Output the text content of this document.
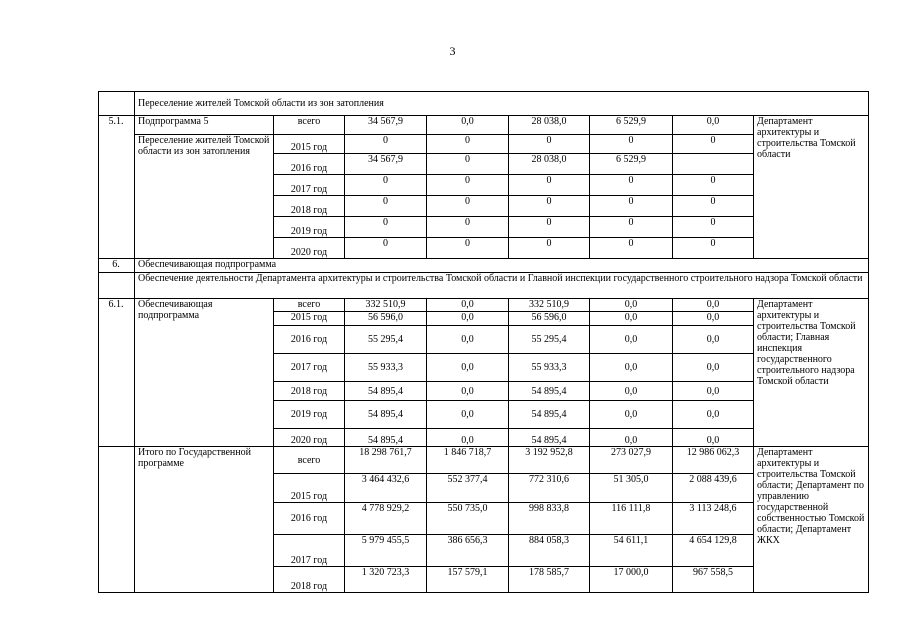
3
	Переселение жителей Томской области из зон затопления							
5.1.	Подпрограмма 5	всего	34 567,9	0,0	28 038,0	6 529,9	0,0	Департамент архитектуры и строительства Томской области
	Переселение жителей Томской области из зон затопления	2015 год	0	0	0	0	0	
		2016 год	34 567,9	0	28 038,0	6 529,9		
		2017 год	0	0	0	0	0	
		2018 год	0	0	0	0	0	
		2019 год	0	0	0	0	0	
		2020 год	0	0	0	0	0	
6.	Обеспечивающая подпрограмма							
	Обеспечение деятельности Департамента архитектуры и строительства Томской области и Главной инспекции государственного строительного надзора Томской области							
6.1.	Обеспечивающая подпрограмма	всего	332 510,9	0,0	332 510,9	0,0	0,0	Департамент архитектуры и строительства Томской области; Главная инспекция государственного строительного надзора Томской области
		2015 год	56 596,0	0,0	56 596,0	0,0	0,0	
		2016 год	55 295,4	0,0	55 295,4	0,0	0,0	
		2017 год	55 933,3	0,0	55 933,3	0,0	0,0	
		2018 год	54 895,4	0,0	54 895,4	0,0	0,0	
		2019 год	54 895,4	0,0	54 895,4	0,0	0,0	
		2020 год	54 895,4	0,0	54 895,4	0,0	0,0	
	Итого по Государственной программе	всего	18 298 761,7	1 846 718,7	3 192 952,8	273 027,9	12 986 062,3	Департамент архитектуры и строительства Томской области; Департамент по управлению государственной собственностью Томской области; Департамент ЖКХ
		2015 год	3 464 432,6	552 377,4	772 310,6	51 305,0	2 088 439,6	
		2016 год	4 778 929,2	550 735,0	998 833,8	116 111,8	3 113 248,6	
		2017 год	5 979 455,5	386 656,3	884 058,3	54 611,1	4 654 129,8	
		2018 год	1 320 723,3	157 579,1	178 585,7	17 000,0	967 558,5	
